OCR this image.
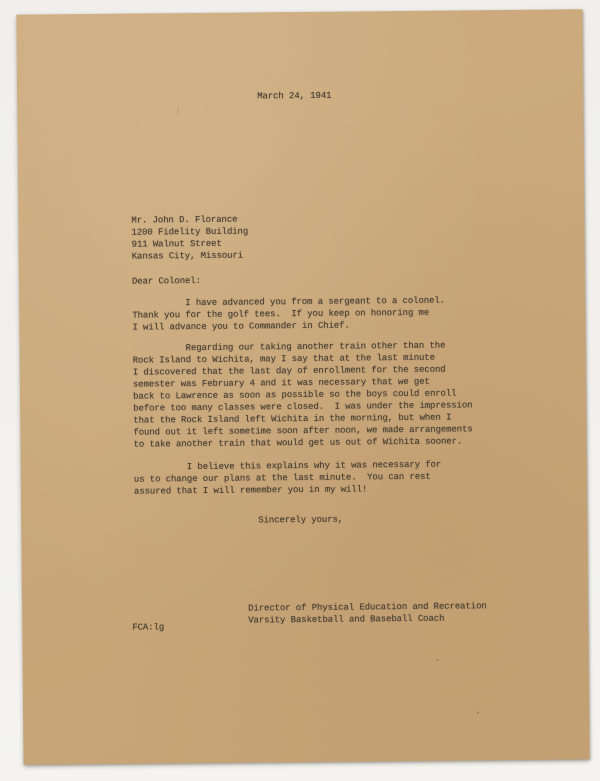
March 24, 1941
Mr. John D. Florance
1200 Fidelity Building
911 Walnut Street
Kansas City, Missouri
Dear Colonel:
I have advanced you from a sergeant to a colonel.
Thank you for the golf tees.  If you keep on honoring me
I will advance you to Commander in Chief.
Regarding our taking another train other than the
Rock Island to Wichita, may I say that at the last minute
I discovered that the last day of enrollment for the second
semester was February 4 and it was necessary that we get
back to Lawrence as soon as possible so the boys could enroll
before too many classes were closed.  I was under the impression
that the Rock Island left Wichita in the morning, but when I
found out it left sometime soon after noon, we made arrangements
to take another train that would get us out of Wichita sooner.
I believe this explains why it was necessary for
us to change our plans at the last minute.  You can rest
assured that I will remember you in my will!
Sincerely yours,
Director of Physical Education and Recreation
Varsity Basketball and Baseball Coach
FCA:lg
